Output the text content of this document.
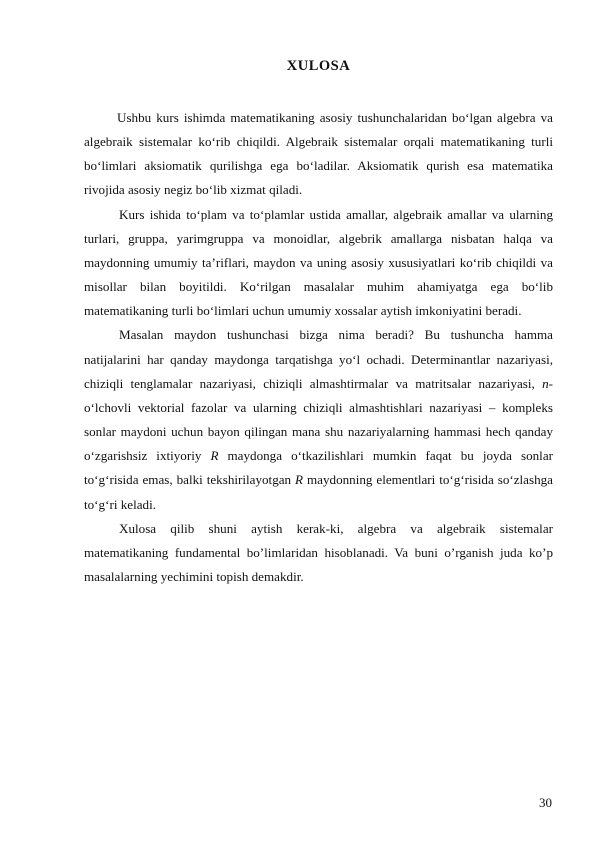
XULOSA

Ushbu kurs ishimda matematikaning asosiy tushunchalaridan bo‘lgan algebra va algebraik sistemalar ko‘rib chiqildi. Algebraik sistemalar orqali matematikaning turli bo‘limlari aksiomatik qurilishga ega bo‘ladilar. Aksiomatik qurish esa matematika rivojida asosiy negiz bo‘lib xizmat qiladi.

Kurs ishida to‘plam va to‘plamlar ustida amallar, algebraik amallar va ularning turlari, gruppa, yarimgruppa va monoidlar, algebrik amallarga nisbatan halqa va maydonning umumiy ta’riflari, maydon va uning asosiy xususiyatlari ko‘rib chiqildi va misollar bilan boyitildi. Ko‘rilgan masalalar muhim ahamiyatga ega bo‘lib matematikaning turli bo‘limlari uchun umumiy xossalar aytish imkoniyatini beradi.

Masalan maydon tushunchasi bizga nima beradi? Bu tushuncha hamma natijalarini har qanday maydonga tarqatishga yo‘l ochadi. Determinantlar nazariyasi, chiziqli tenglamalar nazariyasi, chiziqli almashtirmalar va matritsalar nazariyasi, n- o‘lchovli vektorial fazolar va ularning chiziqli almashtishlari nazariyasi – kompleks sonlar maydoni uchun bayon qilingan mana shu nazariyalarning hammasi hech qanday o‘zgarishsiz ixtiyoriy R maydonga o‘tkazilishlari mumkin faqat bu joyda sonlar to‘g‘risida emas, balki tekshirilayotgan R maydonning elementlari to‘g‘risida so‘zlashga to‘g‘ri keladi.

Xulosa qilib shuni aytish kerak-ki, algebra va algebraik sistemalar matematikaning fundamental bo’limlaridan hisoblanadi. Va buni o’rganish juda ko’p masalalarning yechimini topish demakdir.

30
